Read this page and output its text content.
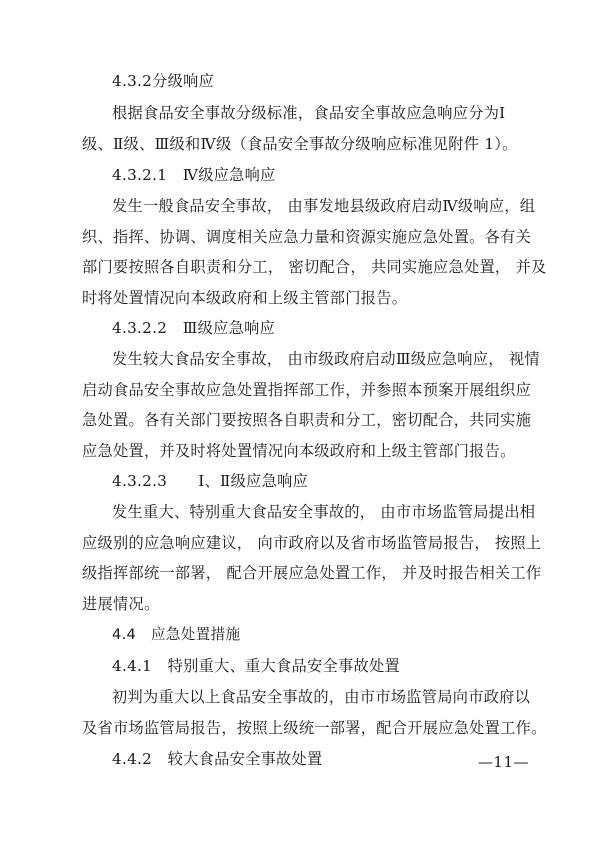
4.3.2分级响应
根据食品安全事故分级标准，食品安全事故应急响应分为Ⅰ
级、Ⅱ级、Ⅲ级和Ⅳ级（食品安全事故分级响应标准见附件 1）。
4.3.2.1　Ⅳ级应急响应
发生一般食品安全事故， 由事发地县级政府启动Ⅳ级响应，组
织、指挥、协调、调度相关应急力量和资源实施应急处置。各有关
部门要按照各自职责和分工， 密切配合， 共同实施应急处置， 并及
时将处置情况向本级政府和上级主管部门报告。
4.3.2.2　Ⅲ级应急响应
发生较大食品安全事故， 由市级政府启动Ⅲ级应急响应， 视情
启动食品安全事故应急处置指挥部工作，并参照本预案开展组织应
急处置。各有关部门要按照各自职责和分工，密切配合，共同实施
应急处置，并及时将处置情况向本级政府和上级主管部门报告。
4.3.2.3　　Ⅰ、Ⅱ级应急响应
发生重大、特别重大食品安全事故的， 由市市场监管局提出相
应级别的应急响应建议， 向市政府以及省市场监管局报告， 按照上
级指挥部统一部署， 配合开展应急处置工作， 并及时报告相关工作
进展情况。
4.4　应急处置措施
4.4.1　特别重大、重大食品安全事故处置
初判为重大以上食品安全事故的，由市市场监管局向市政府以
及省市场监管局报告，按照上级统一部署，配合开展应急处置工作。
4.4.2　较大食品安全事故处置	—11—
